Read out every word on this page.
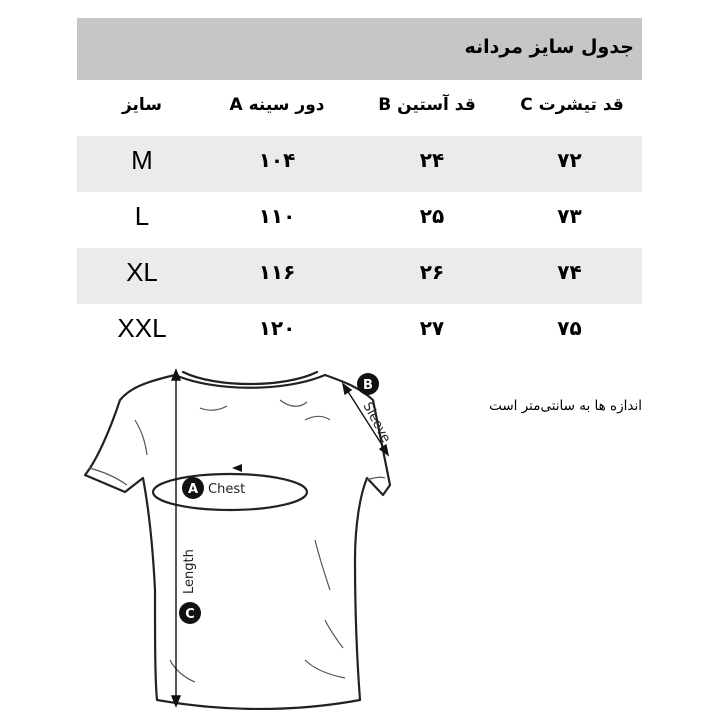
جدول سایز مردانه
سایز	A دور سینه	B قد آستین	C قد تیشرت
M	۱۰۴	۲۴	۷۲
L	۱۱۰	۲۵	۷۳
XL	۱۱۶	۲۶	۷۴
XXL	۱۲۰	۲۷	۷۵
اندازه ها به سانتی‌متر است
A Chest
B
Sleeve
C
Length
